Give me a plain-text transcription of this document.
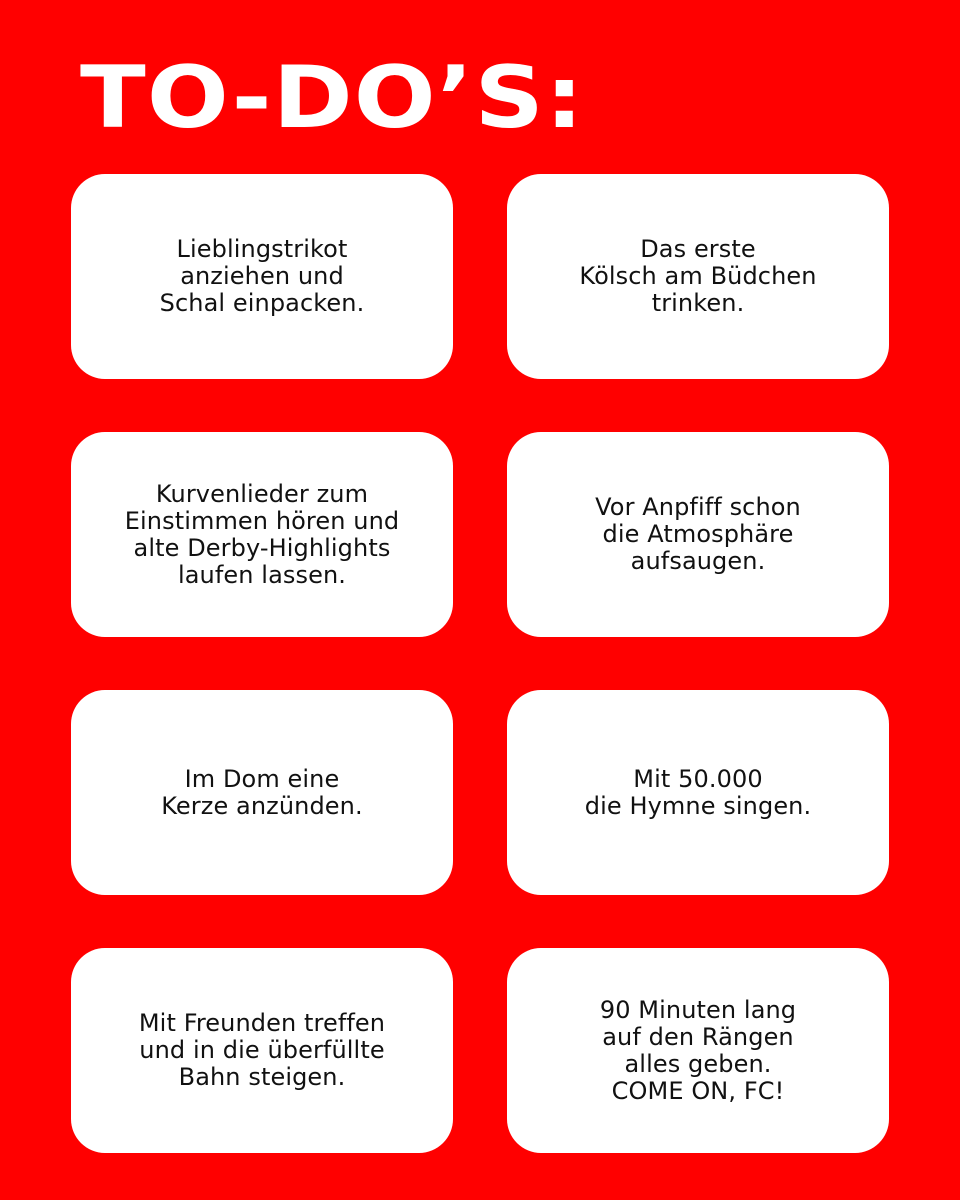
TO-DO’S:

Lieblingstrikot
anziehen und
Schal einpacken.

Das erste
Kölsch am Büdchen
trinken.

Kurvenlieder zum
Einstimmen hören und
alte Derby-Highlights
laufen lassen.

Vor Anpfiff schon
die Atmosphäre
aufsaugen.

Im Dom eine
Kerze anzünden.

Mit 50.000
die Hymne singen.

Mit Freunden treffen
und in die überfüllte
Bahn steigen.

90 Minuten lang
auf den Rängen
alles geben.
COME ON, FC!
